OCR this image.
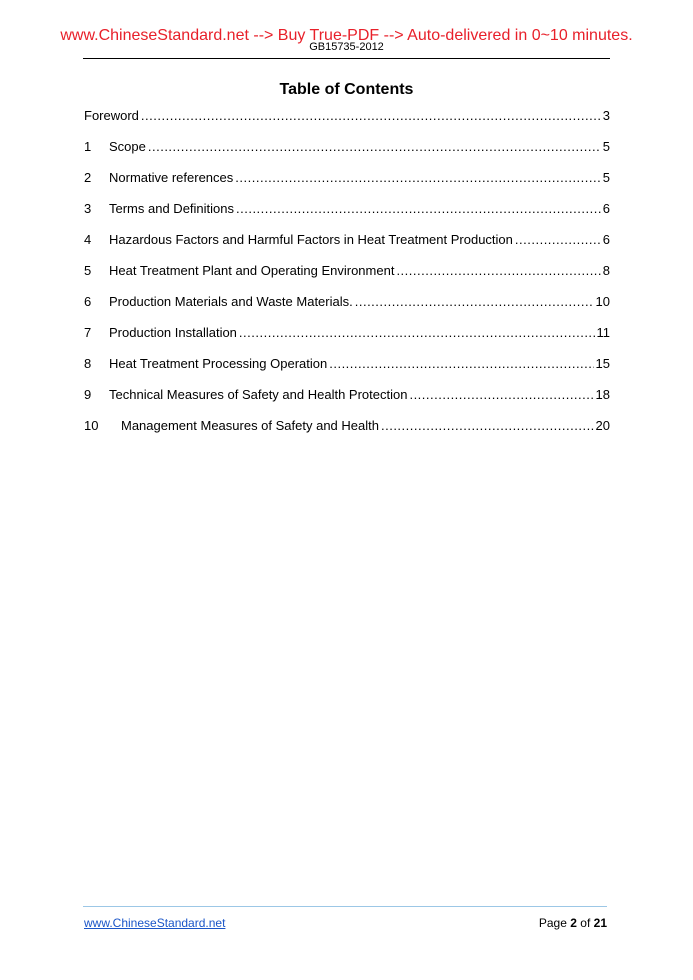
www.ChineseStandard.net --> Buy True-PDF --> Auto-delivered in 0~10 minutes.
GB15735-2012
Table of Contents
Foreword .....	3
1	Scope .....	5
2	Normative references .....	5
3	Terms and Definitions .....	6
4	Hazardous Factors and Harmful Factors in Heat Treatment Production .....	6
5	Heat Treatment Plant and Operating Environment .....	8
6	Production Materials and Waste Materials. .....	10
7	Production Installation .....	11
8	Heat Treatment Processing Operation .....	15
9	Technical Measures of Safety and Health Protection .....	18
10	Management Measures of Safety and Health .....	20
www.ChineseStandard.net	Page 2 of 21
